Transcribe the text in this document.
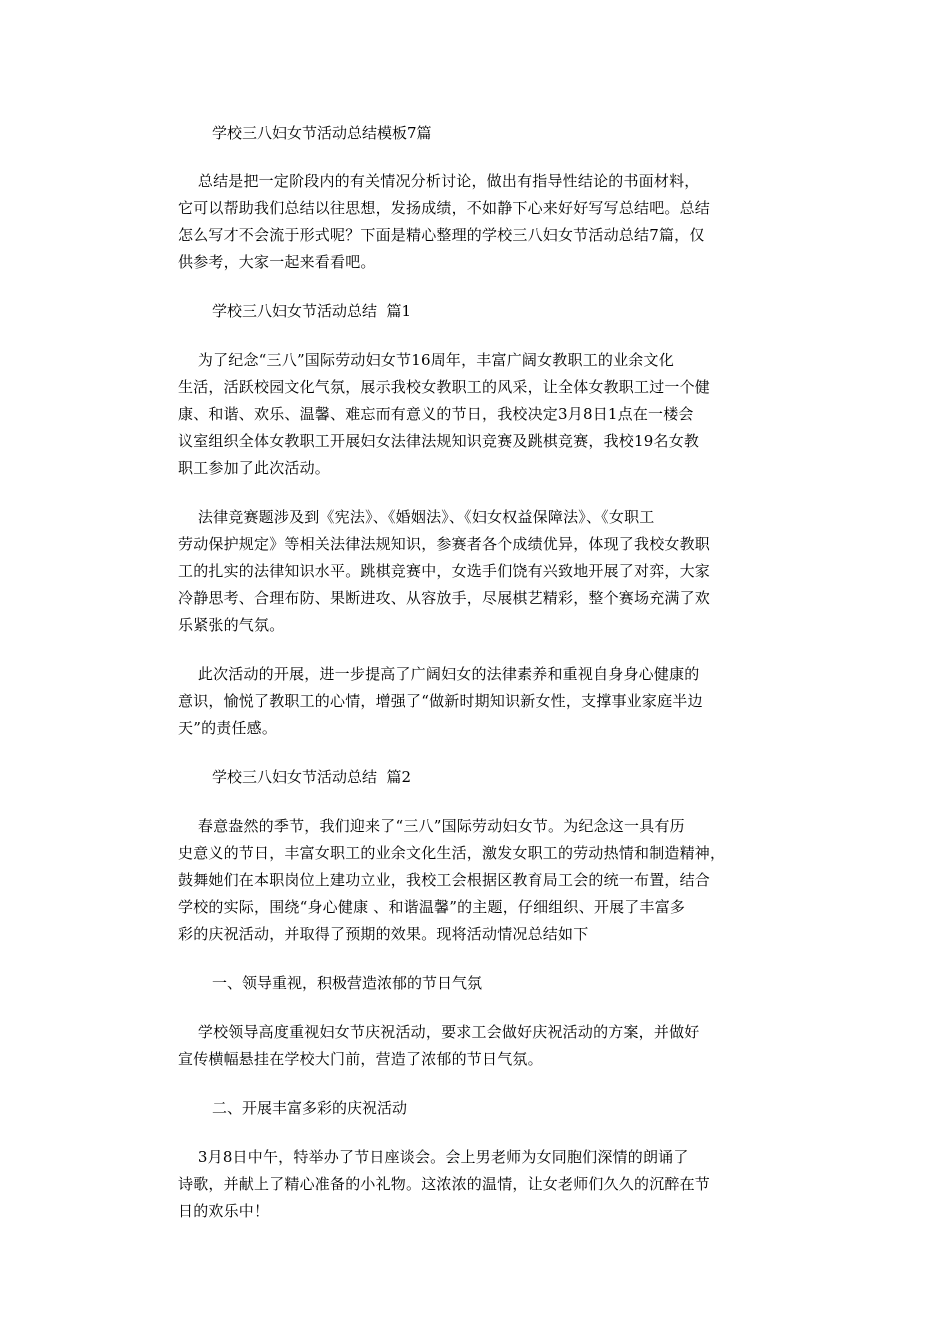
学校三八妇女节活动总结模板7篇
总结是把一定阶段内的有关情况分析讨论，做出有指导性结论的书面材料，
它可以帮助我们总结以往思想，发扬成绩，不如静下心来好好写写总结吧。总结
怎么写才不会流于形式呢？下面是精心整理的学校三八妇女节活动总结7篇，仅
供参考，大家一起来看看吧。
学校三八妇女节活动总结  篇1
为了纪念“三八”国际劳动妇女节16周年，丰富广阔女教职工的业余文化
生活，活跃校园文化气氛，展示我校女教职工的风采，让全体女教职工过一个健
康、和谐、欢乐、温馨、难忘而有意义的节日，我校决定3月8日1点在一楼会
议室组织全体女教职工开展妇女法律法规知识竞赛及跳棋竞赛，我校19名女教
职工参加了此次活动。
法律竞赛题涉及到《宪法》、《婚姻法》、《妇女权益保障法》、《女职工
劳动保护规定》等相关法律法规知识，参赛者各个成绩优异，体现了我校女教职
工的扎实的法律知识水平。跳棋竞赛中，女选手们饶有兴致地开展了对弈，大家
冷静思考、合理布防、果断进攻、从容放手，尽展棋艺精彩，整个赛场充满了欢
乐紧张的气氛。
此次活动的开展，进一步提高了广阔妇女的法律素养和重视自身身心健康的
意识，愉悦了教职工的心情，增强了“做新时期知识新女性，支撑事业家庭半边
天”的责任感。
学校三八妇女节活动总结  篇2
春意盎然的季节，我们迎来了“三八”国际劳动妇女节。为纪念这一具有历
史意义的节日，丰富女职工的业余文化生活，激发女职工的劳动热情和制造精神，
鼓舞她们在本职岗位上建功立业，我校工会根据区教育局工会的统一布置，结合
学校的实际，围绕“身心健康 、和谐温馨”的主题，仔细组织、开展了丰富多
彩的庆祝活动，并取得了预期的效果。现将活动情况总结如下
一、领导重视，积极营造浓郁的节日气氛
学校领导高度重视妇女节庆祝活动，要求工会做好庆祝活动的方案，并做好
宣传横幅悬挂在学校大门前，营造了浓郁的节日气氛。
二、开展丰富多彩的庆祝活动
3月8日中午，特举办了节日座谈会。会上男老师为女同胞们深情的朗诵了
诗歌，并献上了精心准备的小礼物。这浓浓的温情，让女老师们久久的沉醉在节
日的欢乐中！
